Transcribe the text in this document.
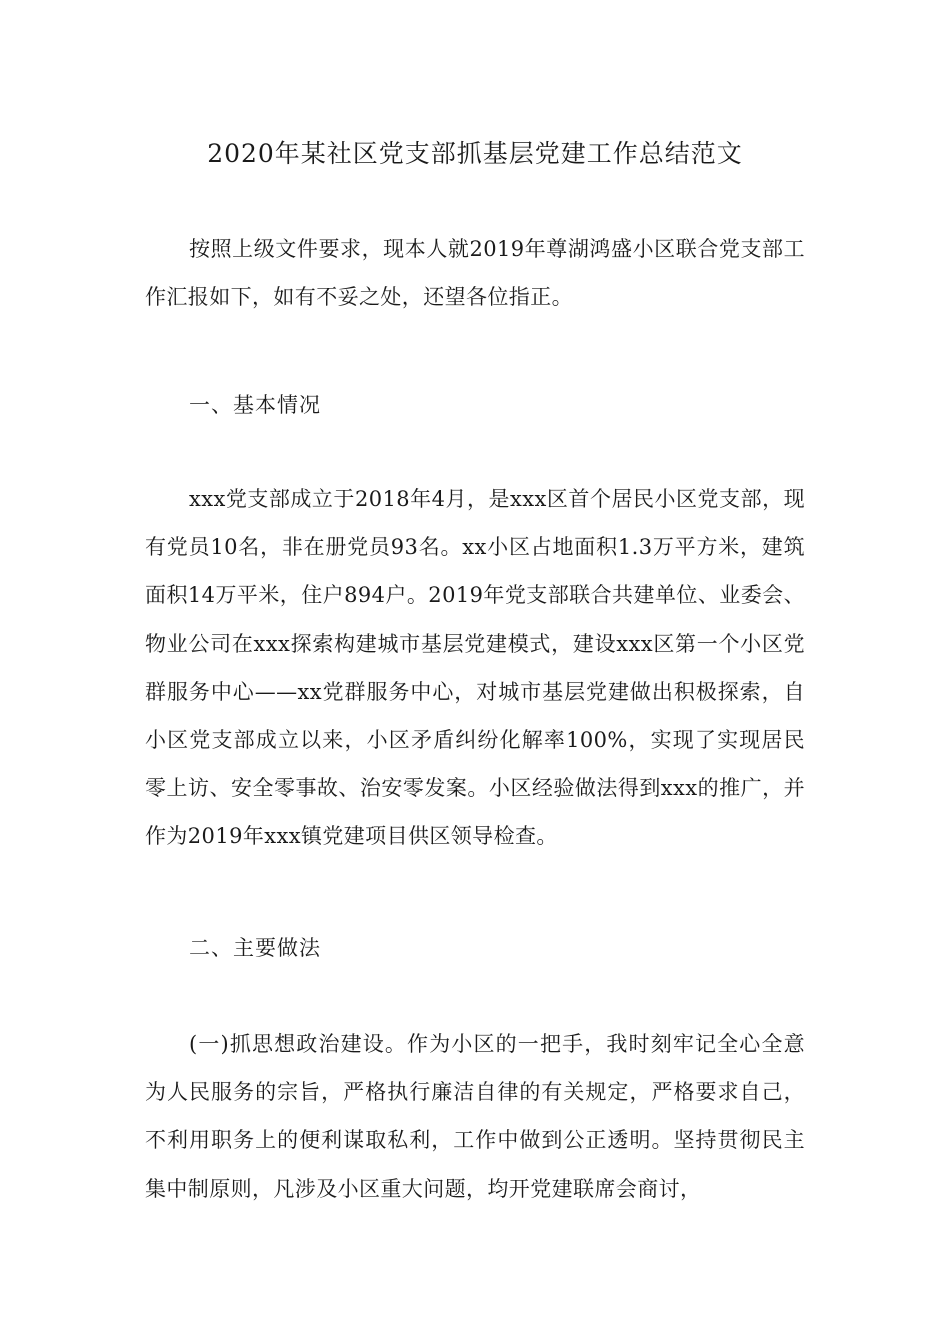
2020年某社区党支部抓基层党建工作总结范文

按照上级文件要求，现本人就2019年尊湖鸿盛小区联合党支部工作汇报如下，如有不妥之处，还望各位指正。

一、基本情况

xxx党支部成立于2018年4月，是xxx区首个居民小区党支部，现有党员10名，非在册党员93名。xx小区占地面积1.3万平方米，建筑面积14万平米，住户894户。2019年党支部联合共建单位、业委会、物业公司在xxx探索构建城市基层党建模式，建设xxx区第一个小区党群服务中心——xx党群服务中心，对城市基层党建做出积极探索，自小区党支部成立以来，小区矛盾纠纷化解率100%，实现了实现居民零上访、安全零事故、治安零发案。小区经验做法得到xxx的推广，并作为2019年xxx镇党建项目供区领导检查。

二、主要做法

(一)抓思想政治建设。作为小区的一把手，我时刻牢记全心全意为人民服务的宗旨，严格执行廉洁自律的有关规定，严格要求自己，不利用职务上的便利谋取私利，工作中做到公正透明。坚持贯彻民主集中制原则，凡涉及小区重大问题，均开党建联席会商讨，
